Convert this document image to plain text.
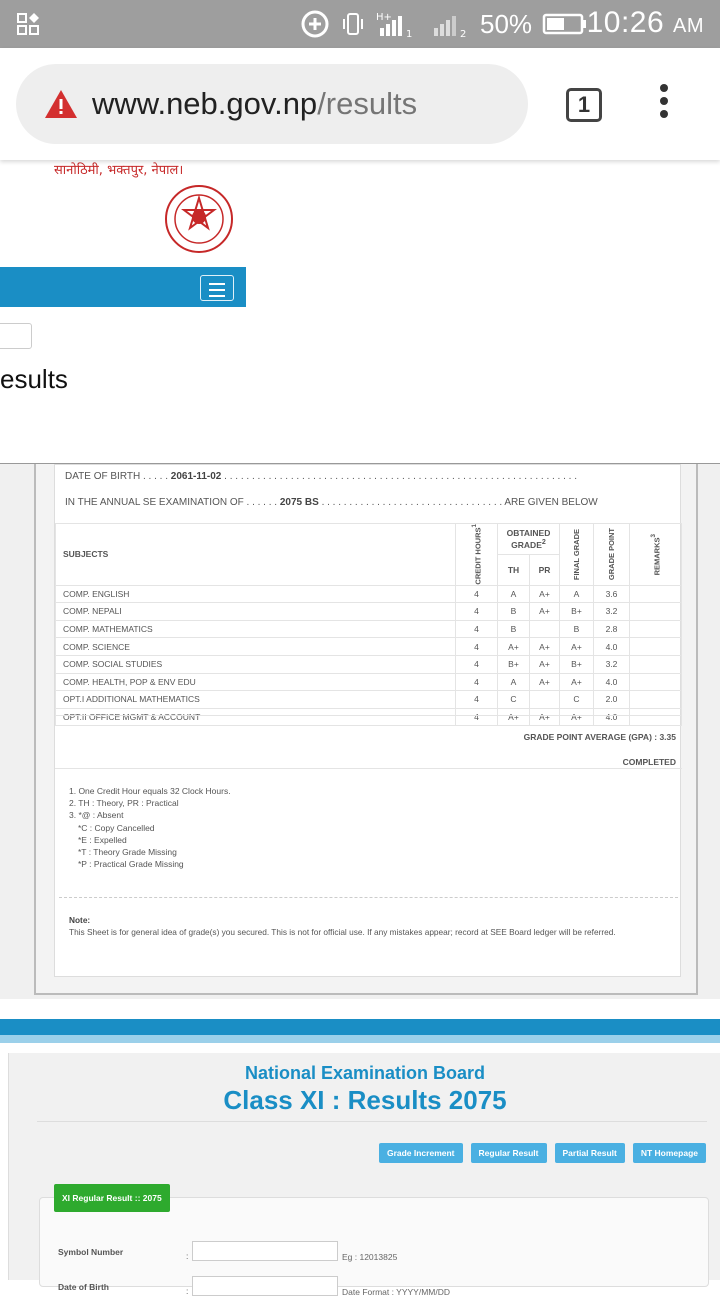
H+
1	2 50% 10:26 AM
www.neb.gov.np/results	1
सानोठिमी, भक्तपुर, नेपाल।
esults
DATE OF BIRTH . . . . . 2061-11-02 . . . . . . . . . . . . . . . . . . . . . . . . . . . . . . . . . . . . . . . . . . . . . . . . . . . . . . . . . . . . . . . .
IN THE ANNUAL SE EXAMINATION OF . . . . . . 2075 BS . . . . . . . . . . . . . . . . . . . . . . . . . . . . . . . . . ARE GIVEN BELOW
SUBJECTS	CREDIT HOURS$^1$	OBTAINED GRADE$^2$		FINAL GRADE	GRADE POINT	REMARKS$^3$

		TH	PR			
COMP. ENGLISH	4	A	A+	A	3.6	
COMP. NEPALI	4	B	A+	B+	3.2	
COMP. MATHEMATICS	4	B		B	2.8	
COMP. SCIENCE	4	A+	A+	A+	4.0	
COMP. SOCIAL STUDIES	4	B+	A+	B+	3.2	
COMP. HEALTH, POP & ENV EDU	4	A	A+	A+	4.0	
OPT.I ADDITIONAL MATHEMATICS	4	C		C	2.0	
OPT.II OFFICE MGMT & ACCOUNT	4	A+	A+	A+	4.0	
GRADE POINT AVERAGE (GPA) : 3.35
COMPLETED
1. One Credit Hour equals 32 Clock Hours.
2. TH : Theory, PR : Practical
3. *@ : Absent
*C : Copy Cancelled
*E : Expelled
*T : Theory Grade Missing
*P : Practical Grade Missing
Note:
This Sheet is for general idea of grade(s) you secured. This is not for official use. If any mistakes appear; record at SEE Board ledger will be referred.
National Examination Board
Class XI : Results 2075
Grade Increment	Regular Result	Partial Result	NT Homepage
XI Regular Result :: 2075
Symbol Number	:	Eg : 12013825
Date of Birth	:	Date Format : YYYY/MM/DD
